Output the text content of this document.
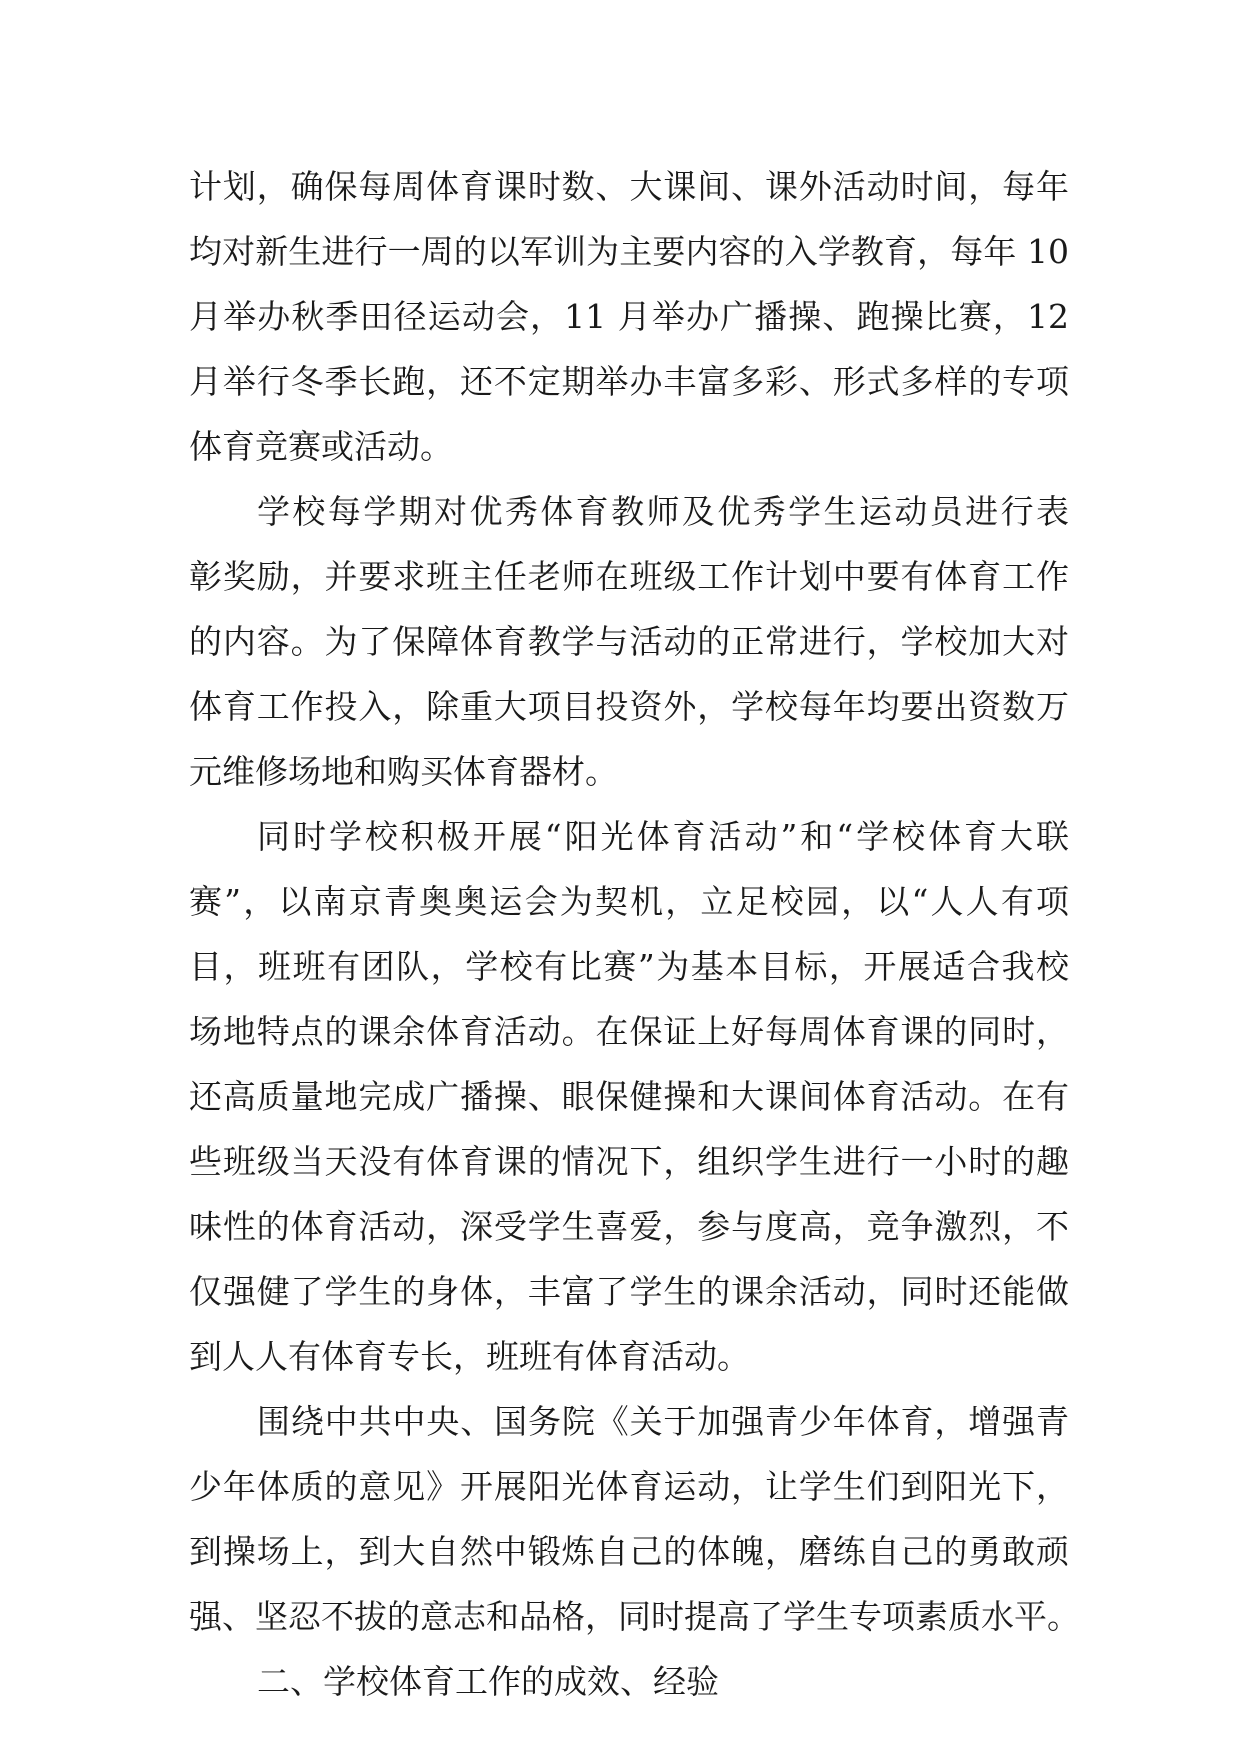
计划，确保每周体育课时数、大课间、课外活动时间，每年
均对新生进行一周的以军训为主要内容的入学教育，每年 10
月举办秋季田径运动会，11 月举办广播操、跑操比赛，12
月举行冬季长跑，还不定期举办丰富多彩、形式多样的专项
体育竞赛或活动。
学校每学期对优秀体育教师及优秀学生运动员进行表
彰奖励，并要求班主任老师在班级工作计划中要有体育工作
的内容。为了保障体育教学与活动的正常进行，学校加大对
体育工作投入，除重大项目投资外，学校每年均要出资数万
元维修场地和购买体育器材。
同时学校积极开展“阳光体育活动”和“学校体育大联
赛”，以南京青奥奥运会为契机，立足校园，以“人人有项
目，班班有团队，学校有比赛”为基本目标，开展适合我校
场地特点的课余体育活动。在保证上好每周体育课的同时，
还高质量地完成广播操、眼保健操和大课间体育活动。在有
些班级当天没有体育课的情况下，组织学生进行一小时的趣
味性的体育活动，深受学生喜爱，参与度高，竞争激烈，不
仅强健了学生的身体，丰富了学生的课余活动，同时还能做
到人人有体育专长，班班有体育活动。
围绕中共中央、国务院《关于加强青少年体育，增强青
少年体质的意见》开展阳光体育运动，让学生们到阳光下，
到操场上，到大自然中锻炼自己的体魄，磨练自己的勇敢顽
强、坚忍不拔的意志和品格，同时提高了学生专项素质水平。
二、学校体育工作的成效、经验
